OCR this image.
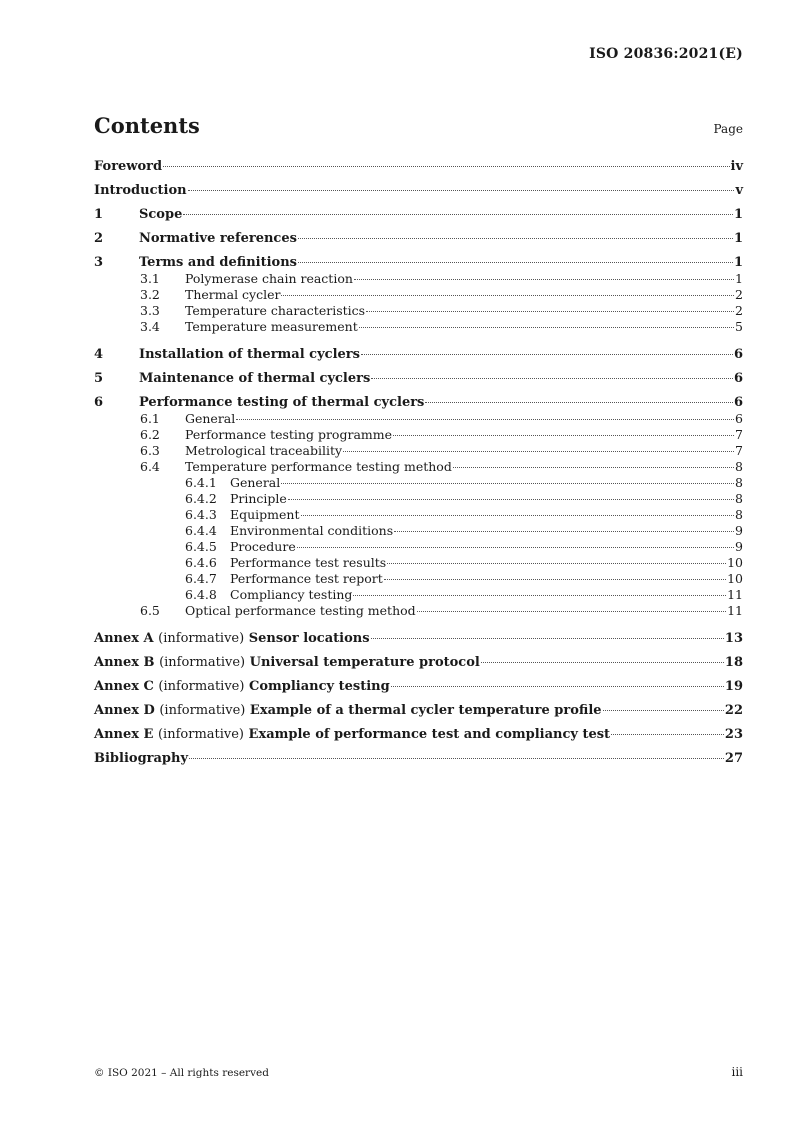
ISO 20836:2021(E)
Contents	Page
Foreword	iv
Introduction	v
1	Scope	1
2	Normative references	1
3	Terms and definitions	1
3.1	Polymerase chain reaction	1
3.2	Thermal cycler	2
3.3	Temperature characteristics	2
3.4	Temperature measurement	5
4	Installation of thermal cyclers	6
5	Maintenance of thermal cyclers	6
6	Performance testing of thermal cyclers	6
6.1	General	6
6.2	Performance testing programme	7
6.3	Metrological traceability	7
6.4	Temperature performance testing method	8
6.4.1	General	8
6.4.2	Principle	8
6.4.3	Equipment	8
6.4.4	Environmental conditions	9
6.4.5	Procedure	9
6.4.6	Performance test results	10
6.4.7	Performance test report	10
6.4.8	Compliancy testing	11
6.5	Optical performance testing method	11
Annex A (informative) Sensor locations	13
Annex B (informative) Universal temperature protocol	18
Annex C (informative) Compliancy testing	19
Annex D (informative) Example of a thermal cycler temperature profile	22
Annex E (informative) Example of performance test and compliancy test	23
Bibliography	27
© ISO 2021 – All rights reserved	iii
